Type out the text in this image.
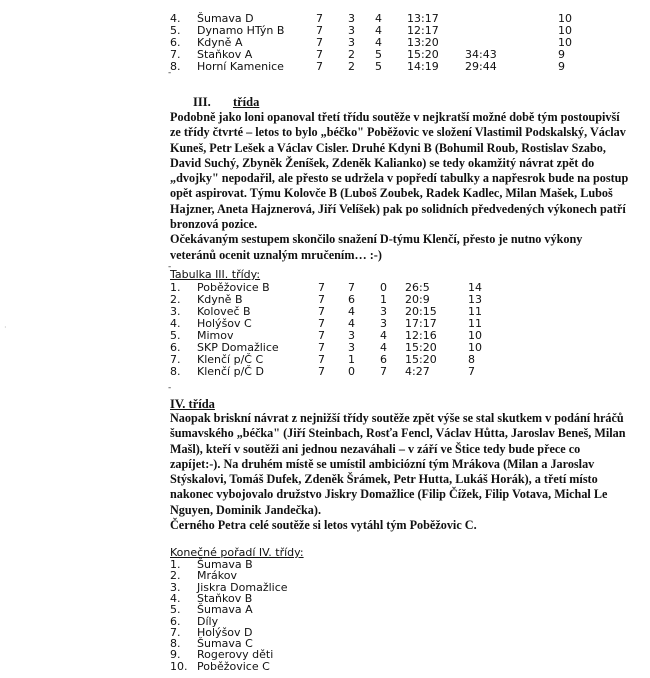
4. Šumava D	7 3 4 13:17	10
5. Dynamo HTýn B	7 3 4 12:17	10
6. Kdyně A	7 3 4 13:20	10
7. Staňkov A	7 2 5 15:20 34:43	9
8. Horní Kamenice	7 2 5 14:19 29:44	9
-
III. třída

Podobně jako loni opanoval třetí třídu soutěže v nejkratší možné době tým postoupivší ze třídy čtvrté – letos to bylo „béčko" Poběžovic ve složení Vlastimil Podskalský, Václav Kuneš, Petr Lešek a Václav Cisler. Druhé Kdyni B (Bohumil Roub, Rostislav Szabo, David Suchý, Zbyněk Ženíšek, Zdeněk Kalianko) se tedy okamžitý návrat zpět do „dvojky" nepodařil, ale přesto se udržela v popředí tabulky a napřesrok bude na postup opět aspirovat. Týmu Kolovče B (Luboš Zoubek, Radek Kadlec, Milan Mašek, Luboš Hajzner, Aneta Hajznerová, Jiří Velíšek) pak po solidních předvedených výkonech patří bronzová pozice.

Očekávaným sestupem skončilo snažení D-týmu Klenčí, přesto je nutno výkony veteránů ocenit uznalým mručením… :-)

-
Tabulka III. třídy:
1. Poběžovice B	7 7 0 26:5	14
2. Kdyně B	7 6 1 20:9	13
3. Koloveč B	7 4 3 20:15	11
4. Holýšov C	7 4 3 17:17	11
5. Mimov	7 3 4 12:16	10
6. SKP Domažlice	7 3 4 15:20	10
7. Klenčí p/Č C	7 1 6 15:20	8
8. Klenčí p/Č D	7 0 7 4:27	7
-
IV. třída

Naopak briskní návrat z nejnižší třídy soutěže zpět výše se stal skutkem v podání hráčů šumavského „béčka" (Jiří Steinbach, Rosťa Fencl, Václav Hůtta, Jaroslav Beneš, Milan Mašl), kteří v soutěži ani jednou nezaváhali – v září ve Štice tedy bude přece co zapíjet:-). Na druhém místě se umístil ambiciózní tým Mrákova (Milan a Jaroslav Stýskalovi, Tomáš Dufek, Zdeněk Šrámek, Petr Hutta, Lukáš Horák), a třetí místo nakonec vybojovalo družstvo Jiskry Domažlice (Filip Čížek, Filip Votava, Michal Le Nguyen, Dominik Jandečka).

Černého Petra celé soutěže si letos vytáhl tým Poběžovic C.

Konečné pořadí IV. třídy:
1. Šumava B
2. Mrákov
3. Jiskra Domažlice
4. Staňkov B
5. Šumava A
6. Díly
7. Holýšov D
8. Šumava C
9. Rogerovy děti
10. Poběžovice C
·
